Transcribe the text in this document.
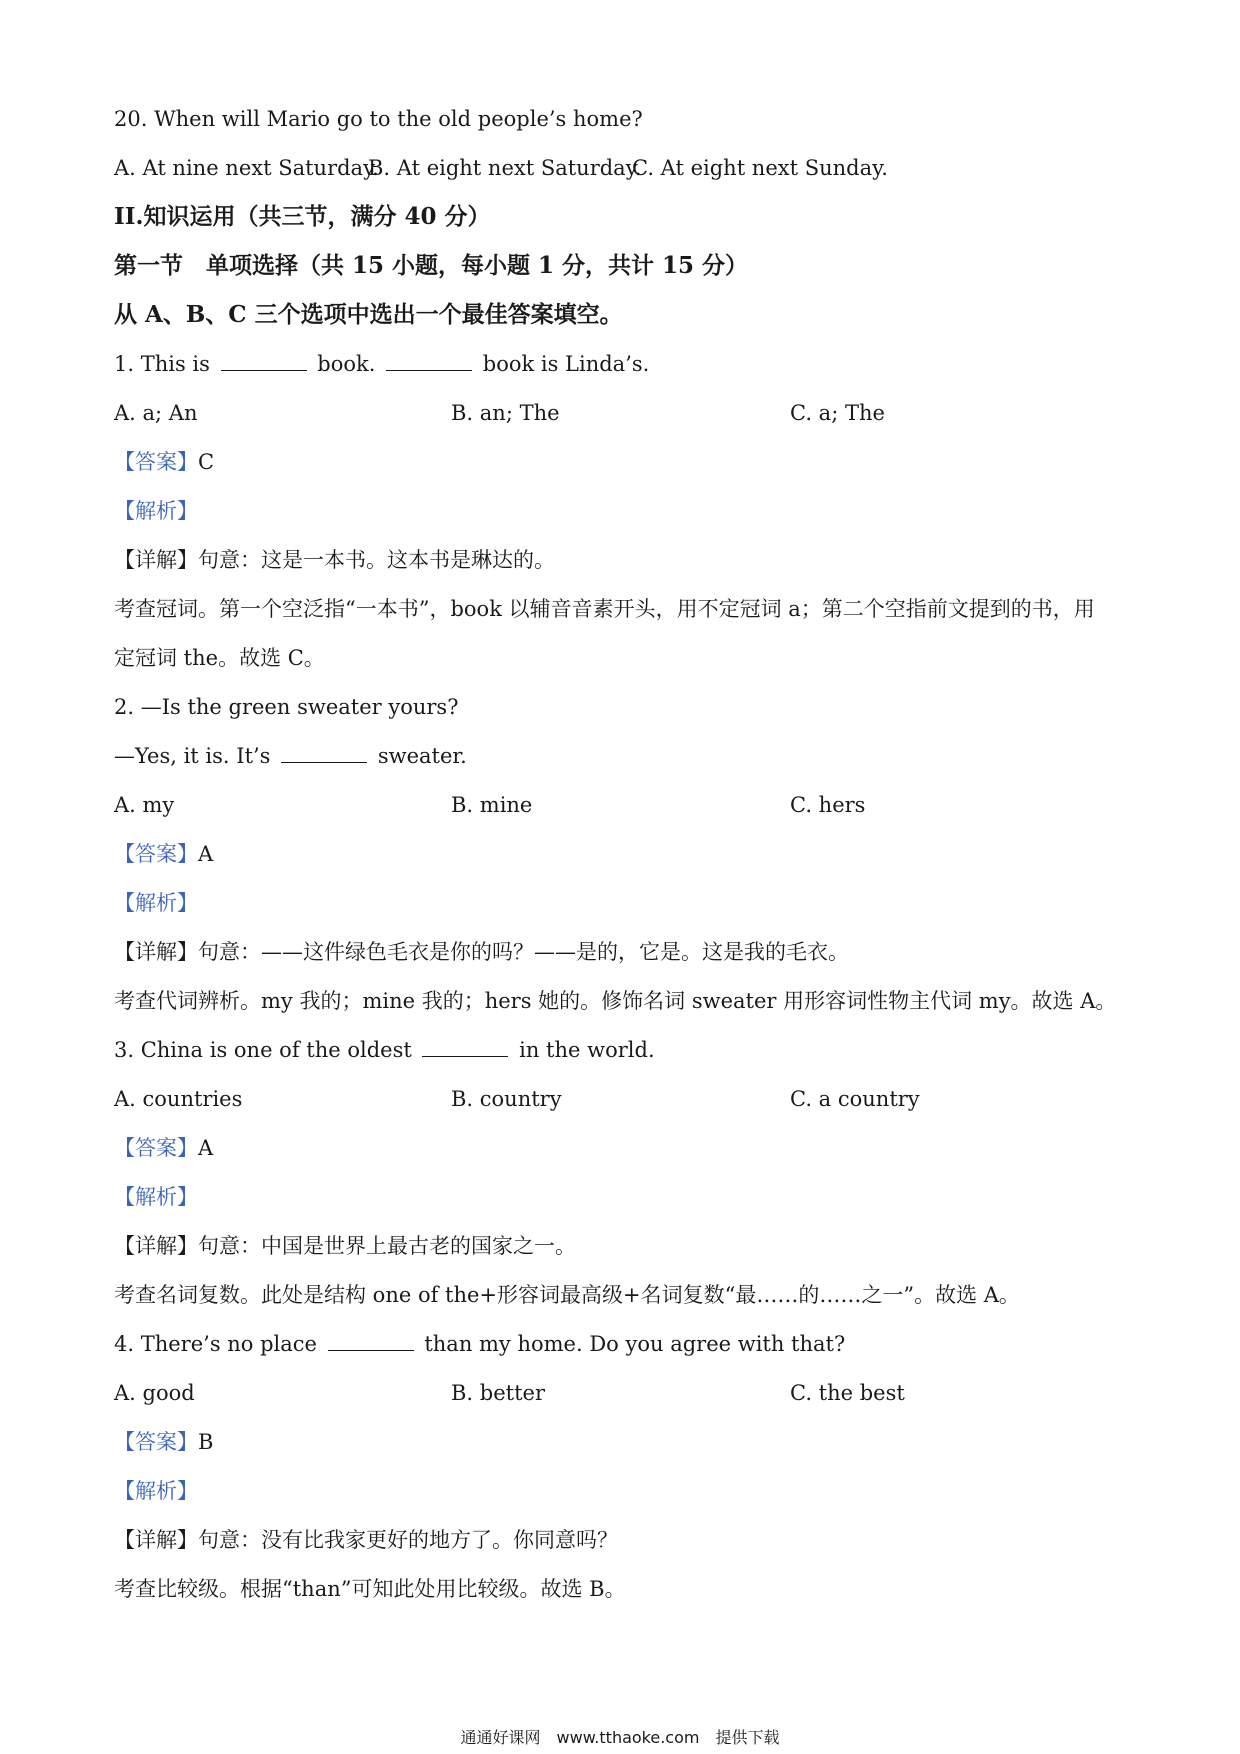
20. When will Mario go to the old people’s home?
A. At nine next Saturday.
B. At eight next Saturday.
C. At eight next Sunday.
II.知识运用（共三节，满分 40 分）
第一节　单项选择（共 15 小题，每小题 1 分，共计 15 分）
从 A、B、C 三个选项中选出一个最佳答案填空。
1. This is	book.	book is Linda’s.
A. a; An	B. an; The	C. a; The
【答案】C
【解析】
【详解】句意：这是一本书。这本书是琳达的。
考查冠词。第一个空泛指“一本书”，book 以辅音音素开头，用不定冠词 a；第二个空指前文提到的书，用
定冠词 the。故选 C。
2. —Is the green sweater yours?
—Yes, it is. It’s	sweater.
A. my	B. mine	C. hers
【答案】A
【解析】
【详解】句意：——这件绿色毛衣是你的吗？——是的，它是。这是我的毛衣。
考查代词辨析。my 我的；mine 我的；hers 她的。修饰名词 sweater 用形容词性物主代词 my。故选 A。
3. China is one of the oldest	in the world.
A. countries	B. country	C. a country
【答案】A
【解析】
【详解】句意：中国是世界上最古老的国家之一。
考查名词复数。此处是结构 one of the+形容词最高级+名词复数“最……的……之一”。故选 A。
4. There’s no place	than my home. Do you agree with that?
A. good	B. better	C. the best
【答案】B
【解析】
【详解】句意：没有比我家更好的地方了。你同意吗？
考查比较级。根据“than”可知此处用比较级。故选 B。
通通好课网　www.tthaoke.com　提供下载
